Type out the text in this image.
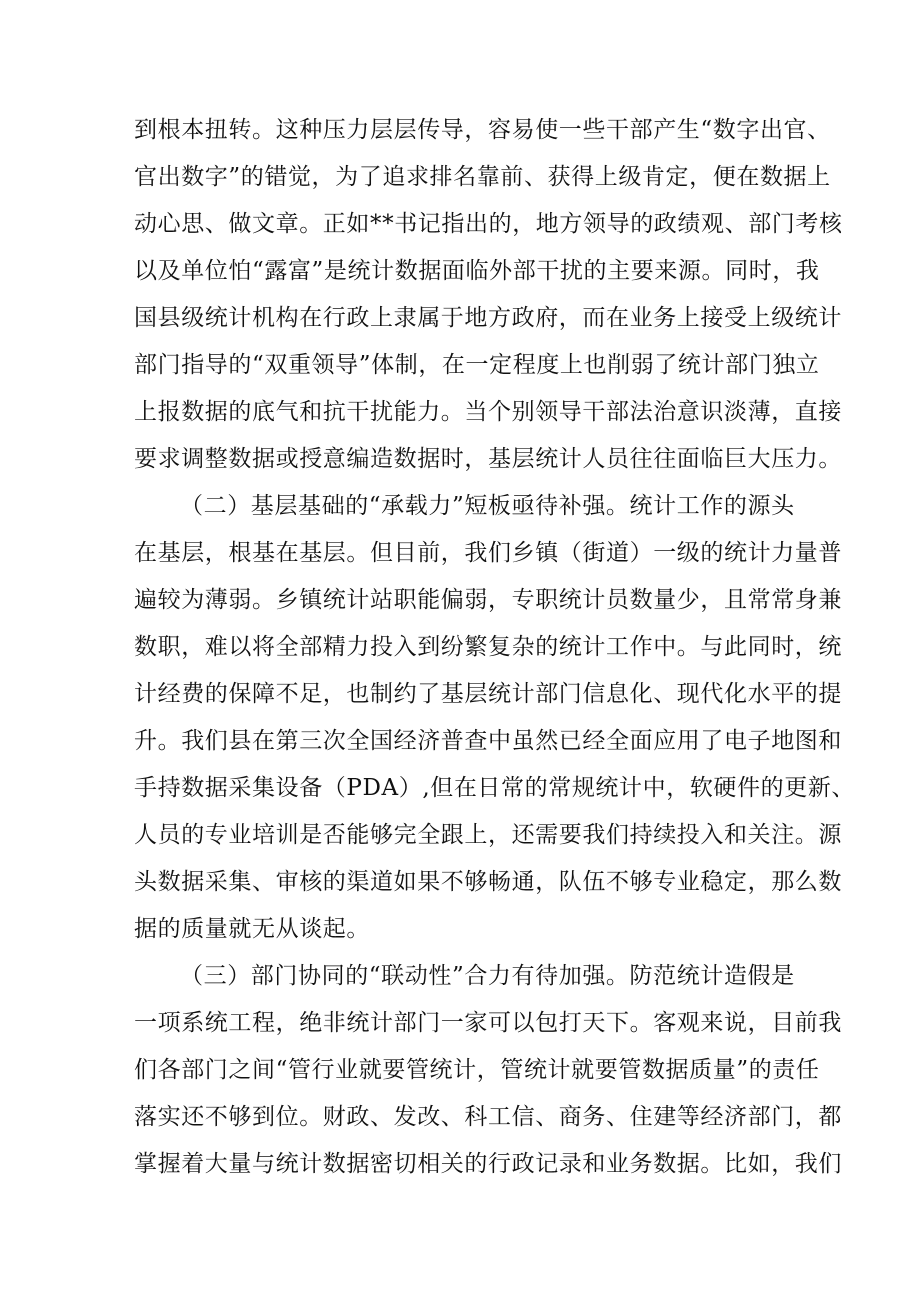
到根本扭转。这种压力层层传导，容易使一些干部产生“数字出官、
官出数字”的错觉，为了追求排名靠前、获得上级肯定，便在数据上
动心思、做文章。正如**书记指出的，地方领导的政绩观、部门考核
以及单位怕“露富”是统计数据面临外部干扰的主要来源。同时，我
国县级统计机构在行政上隶属于地方政府，而在业务上接受上级统计
部门指导的“双重领导”体制，在一定程度上也削弱了统计部门独立
上报数据的底气和抗干扰能力。当个别领导干部法治意识淡薄，直接
要求调整数据或授意编造数据时，基层统计人员往往面临巨大压力。
（二）基层基础的“承载力”短板亟待补强。统计工作的源头
在基层，根基在基层。但目前，我们乡镇（街道）一级的统计力量普
遍较为薄弱。乡镇统计站职能偏弱，专职统计员数量少，且常常身兼
数职，难以将全部精力投入到纷繁复杂的统计工作中。与此同时，统
计经费的保障不足，也制约了基层统计部门信息化、现代化水平的提
升。我们县在第三次全国经济普查中虽然已经全面应用了电子地图和
手持数据采集设备（PDA）,但在日常的常规统计中，软硬件的更新、
人员的专业培训是否能够完全跟上，还需要我们持续投入和关注。源
头数据采集、审核的渠道如果不够畅通，队伍不够专业稳定，那么数
据的质量就无从谈起。
（三）部门协同的“联动性”合力有待加强。防范统计造假是
一项系统工程，绝非统计部门一家可以包打天下。客观来说，目前我
们各部门之间“管行业就要管统计，管统计就要管数据质量”的责任
落实还不够到位。财政、发改、科工信、商务、住建等经济部门，都
掌握着大量与统计数据密切相关的行政记录和业务数据。比如，我们
